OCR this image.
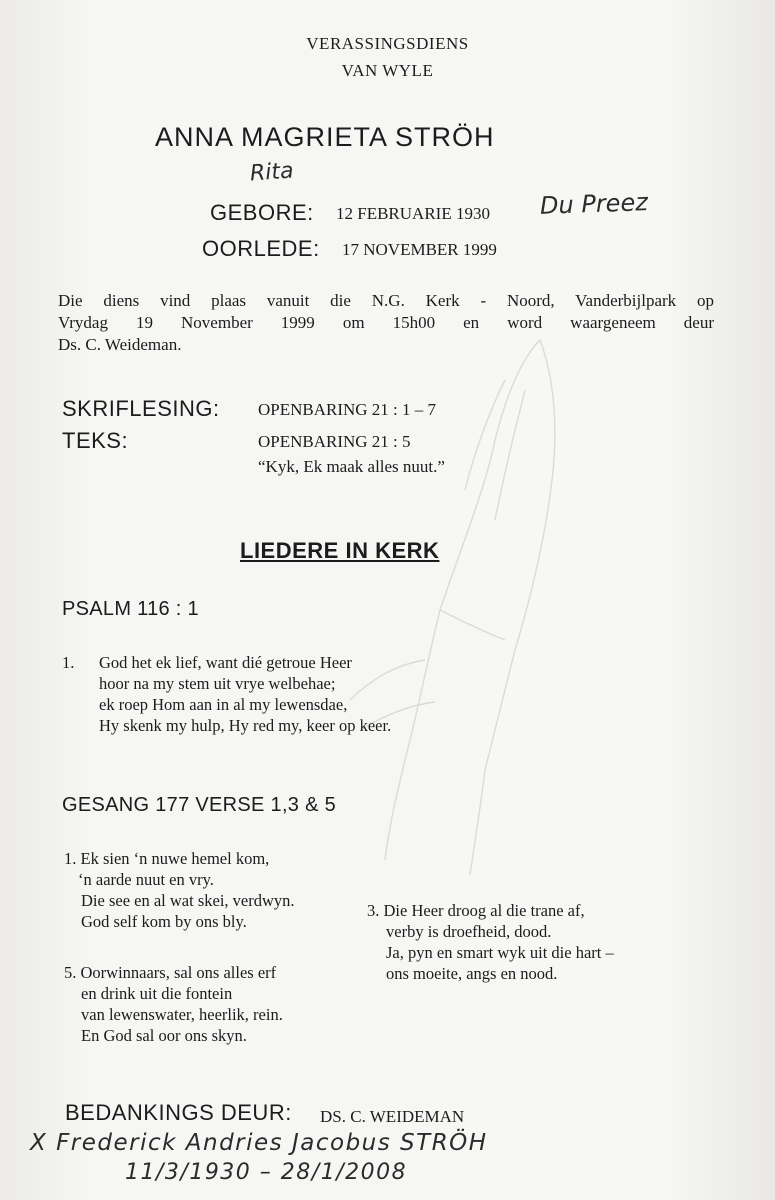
VERASSINGSDIENS
VAN WYLE
ANNA MAGRIETA STRÖH
Rita
GEBORE: 12 FEBRUARIE 1930 Du Preez
OORLEDE: 17 NOVEMBER 1999
Die diens vind plaas vanuit die N.G. Kerk - Noord, Vanderbijlpark op
Vrydag 19 November 1999 om 15h00 en word waargeneem deur
Ds. C. Weideman.
SKRIFLESING: OPENBARING 21 : 1 – 7
TEKS:	OPENBARING 21 : 5
“Kyk, Ek maak alles nuut.”
LIEDERE IN KERK
PSALM 116 : 1
1. God het ek lief, want dié getroue Heer
hoor na my stem uit vrye welbehae;
ek roep Hom aan in al my lewensdae,
Hy skenk my hulp, Hy red my, keer op keer.
GESANG 177 VERSE 1,3 & 5
1. Ek sien ‘n nuwe hemel kom,
‘n aarde nuut en vry.
Die see en al wat skei, verdwyn.
God self kom by ons bly.
3. Die Heer droog al die trane af,
verby is droefheid, dood.
Ja, pyn en smart wyk uit die hart –
ons moeite, angs en nood.
5. Oorwinnaars, sal ons alles erf
en drink uit die fontein
van lewenswater, heerlik, rein.
En God sal oor ons skyn.
BEDANKINGS DEUR: DS. C. WEIDEMAN
X Frederick Andries Jacobus STRÖH
11/3/1930 – 28/1/2008
